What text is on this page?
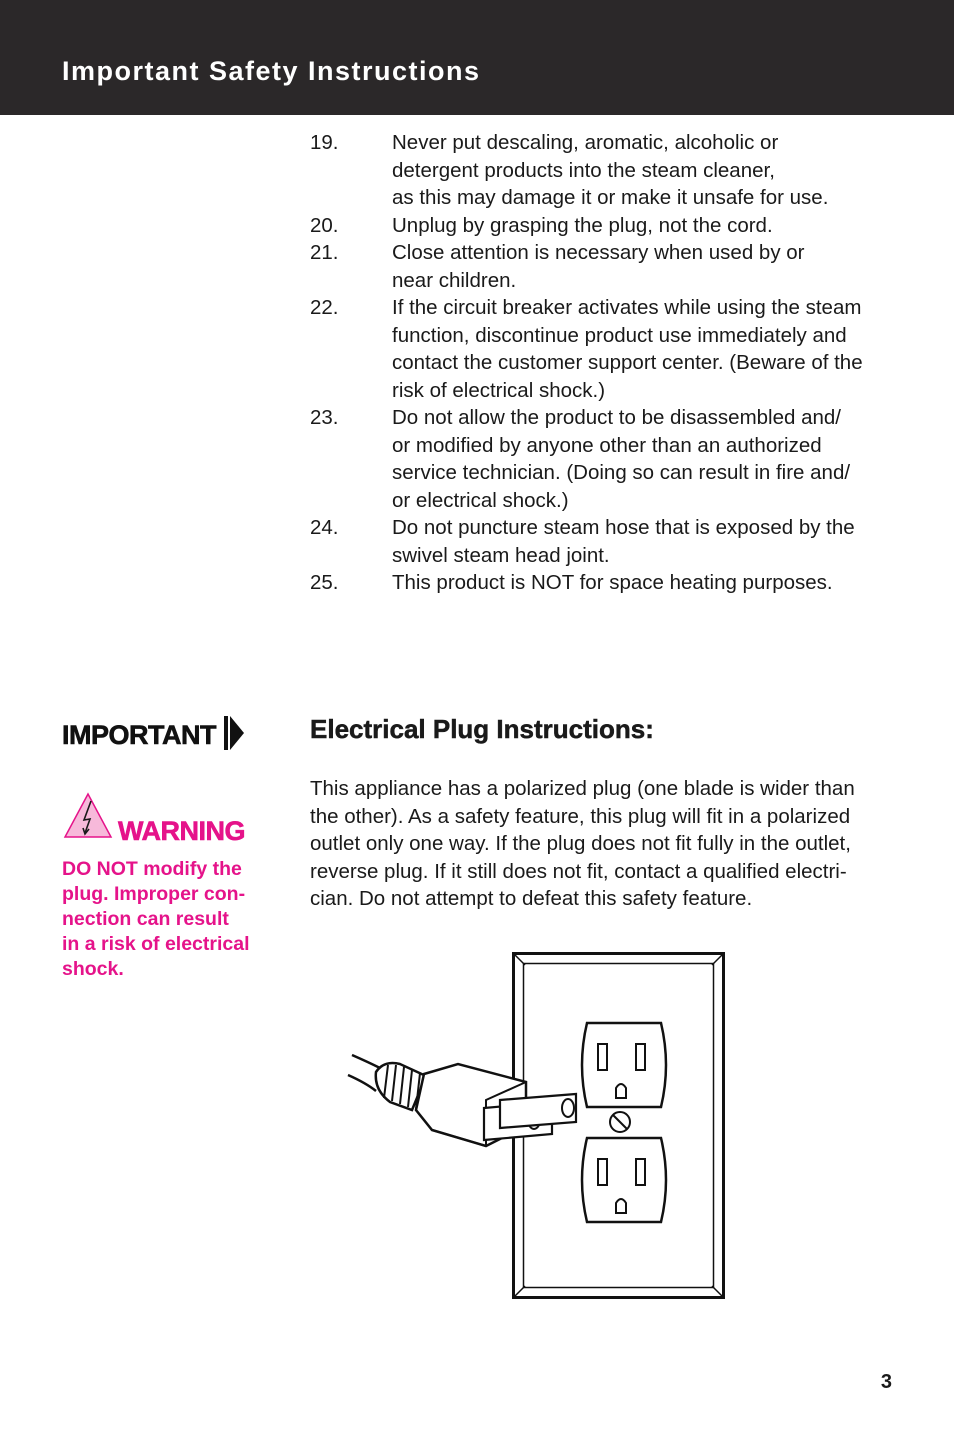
Important Safety Instructions
19.	Never put descaling, aromatic, alcoholic or
detergent products into the steam cleaner,
as this may damage it or make it unsafe for use.
20.	Unplug by grasping the plug, not the cord.
21.	Close attention is necessary when used by or
near children.
22.	If the circuit breaker activates while using the steam
function, discontinue product use immediately and
contact the customer support center. (Beware of the
risk of electrical shock.)
23.	Do not allow the product to be disassembled and/
or modified by anyone other than an authorized
service technician. (Doing so can result in fire and/
or electrical shock.)
24.	Do not puncture steam hose that is exposed by the
swivel steam head joint.
25.	This product is NOT for space heating purposes.
IMPORTANT	Electrical Plug Instructions:
This appliance has a polarized plug (one blade is wider than
the other). As a safety feature, this plug will fit in a polarized
outlet only one way. If the plug does not fit fully in the outlet,
reverse plug. If it still does not fit, contact a qualified electri-
cian. Do not attempt to defeat this safety feature.
WARNING
DO NOT modify the
plug. Improper con-
nection can result
in a risk of electrical
shock.
3
